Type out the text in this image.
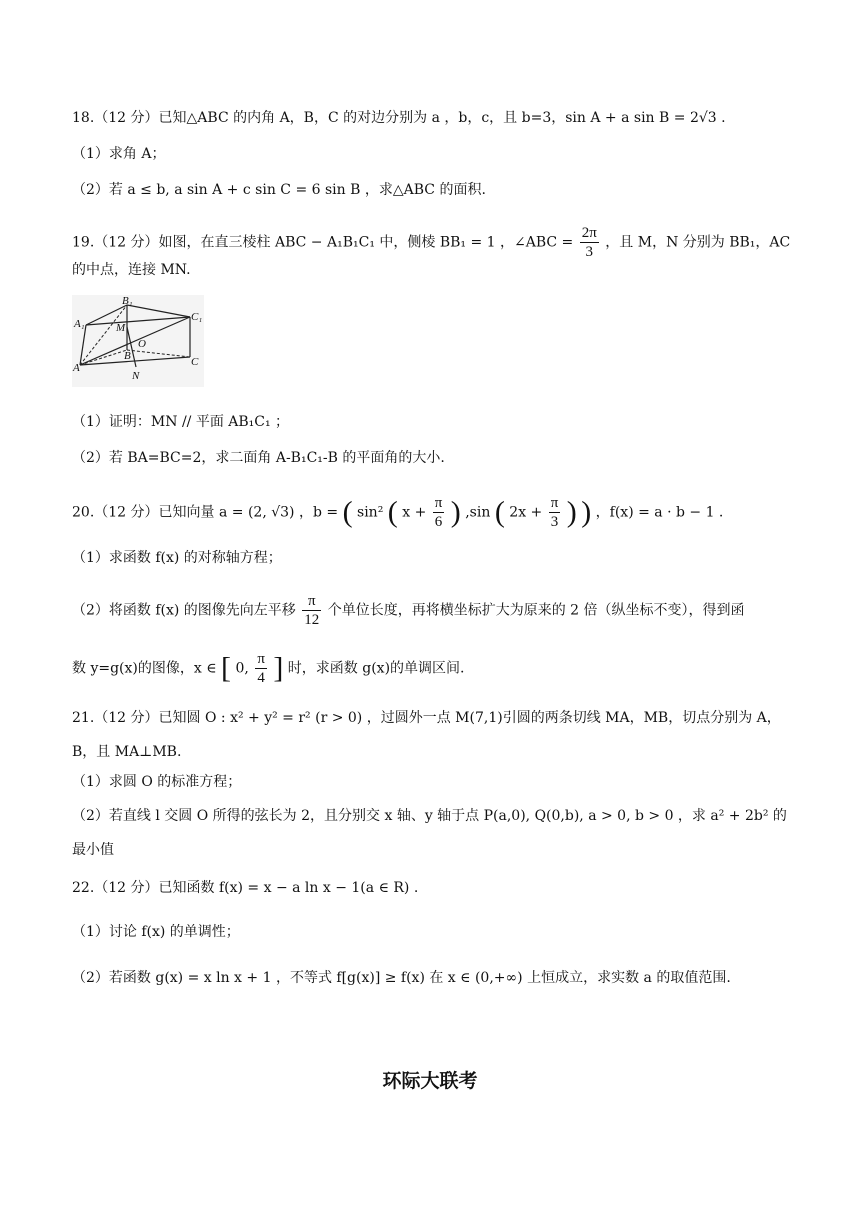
18.（12 分）已知△ABC 的内角 A，B，C 的对边分别为 a ，b，c，且 b=3，sin A + a sin B = 2√3 .
（1）求角 A；
（2）若 a ≤ b, a sin A + c sin C = 6 sin B ，求△ABC 的面积.
19.（12 分）如图，在直三棱柱 ABC − A₁B₁C₁ 中，侧棱 BB₁ = 1 ，∠ABC = $\frac{2\pi}{3}$ ，且 M，N 分别为 BB₁，AC
的中点，连接 MN.
B₁
A₁	M
C₁
O
B
A	C
N
（1）证明：MN // 平面 AB₁C₁ ；
（2）若 BA=BC=2，求二面角 A-B₁C₁-B 的平面角的大小.
20.（12 分）已知向量 a = (2, √3) ，b = ( sin² ( $x + \frac{\pi}{6}$ ) ,sin ( $2x + \frac{\pi}{3}$ ) ) ，f(x) = a · b − 1 .
（1）求函数 f(x) 的对称轴方程；
（2）将函数 f(x) 的图像先向左平移 $\frac{\pi}{12}$ 个单位长度，再将横坐标扩大为原来的 2 倍（纵坐标不变），得到函
数 y=g(x)的图像，x ∈ [ 0, $\frac{\pi}{4}$ ] 时，求函数 g(x)的单调区间.
21.（12 分）已知圆 O : x² + y² = r² (r > 0) ，过圆外一点 M(7,1)引圆的两条切线 MA，MB，切点分别为 A，
B，且 MA⊥MB.
（1）求圆 O 的标准方程；
（2）若直线 l 交圆 O 所得的弦长为 2，且分别交 x 轴、y 轴于点 P(a,0), Q(0,b), a > 0, b > 0 ，求 a² + 2b² 的
最小值
22.（12 分）已知函数 f(x) = x − a ln x − 1(a ∈ R) .
（1）讨论 f(x) 的单调性；
（2）若函数 g(x) = x ln x + 1 ，不等式 f[g(x)] ≥ f(x) 在 x ∈ (0,+∞) 上恒成立，求实数 a 的取值范围.
环际大联考
